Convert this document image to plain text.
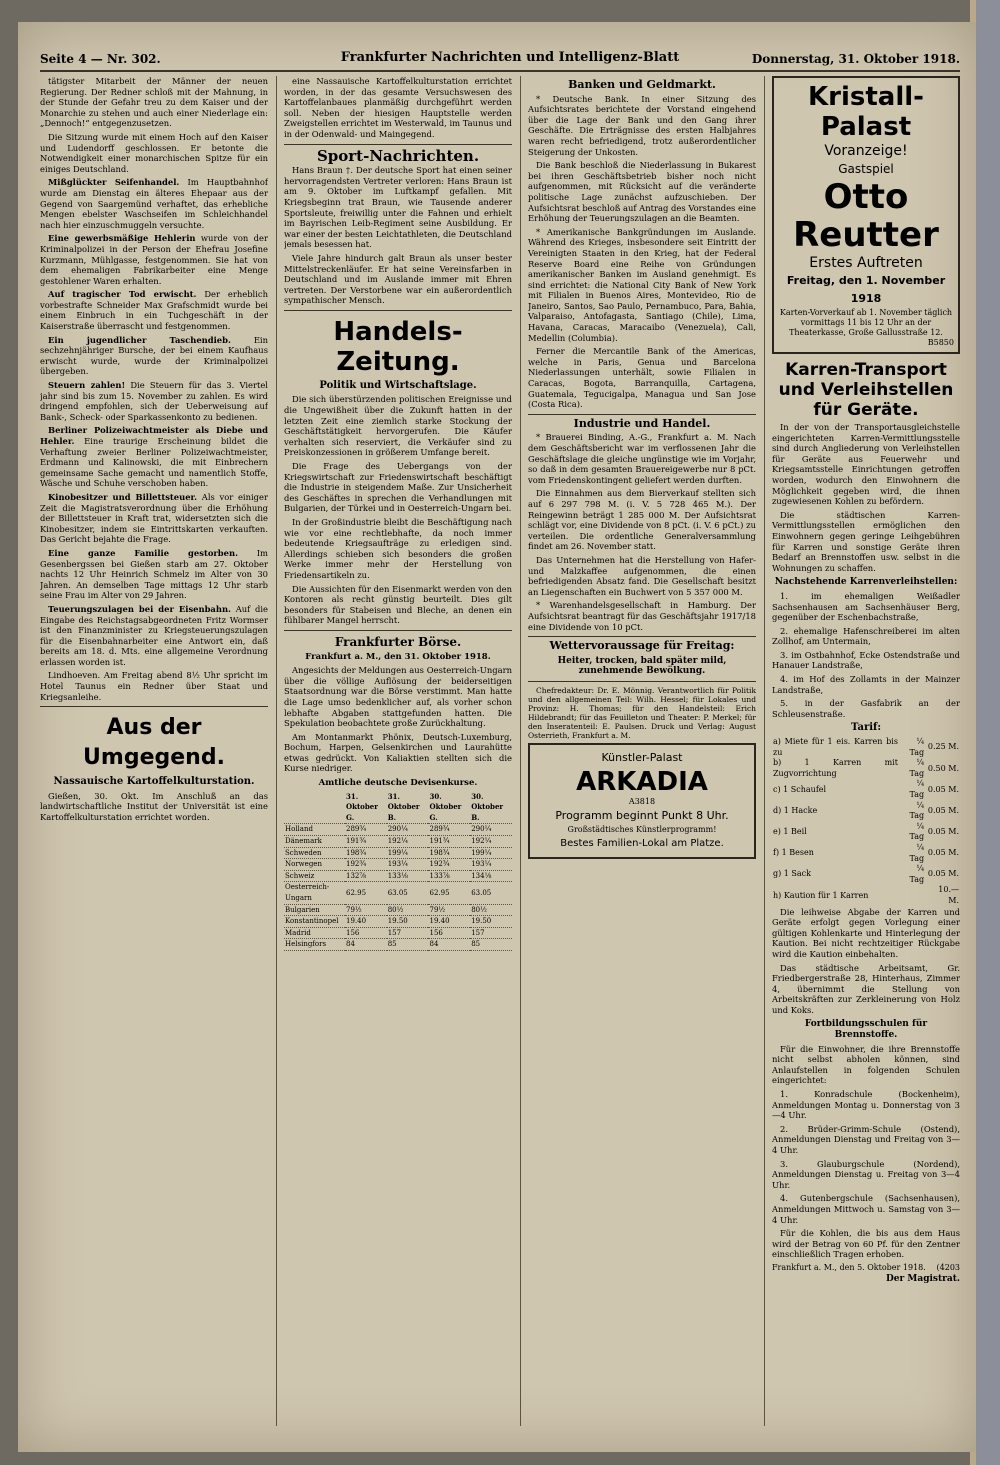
Seite 4 — Nr. 302.	Frankfurter Nachrichten und Intelligenz-Blatt	Donnerstag, 31. Oktober 1918.

tätigster Mitarbeit der Männer der neuen Regierung. Der Redner schloß mit der Mahnung, in der Stunde der Gefahr treu zu dem Kaiser und der Monarchie zu stehen und auch einer Niederlage ein: „Dennoch!“ entgegenzusetzen.

Die Sitzung wurde mit einem Hoch auf den Kaiser und Ludendorff geschlossen. Er betonte die Notwendigkeit einer monarchischen Spitze für ein einiges Deutschland.

Mißglückter Seifenhandel. Im Hauptbahnhof wurde am Dienstag ein älteres Ehepaar aus der Gegend von Saargemünd verhaftet, das erhebliche Mengen ebelster Waschseifen im Schleichhandel nach hier einzuschmuggeln versuchte.

Eine gewerbsmäßige Hehlerin wurde von der Kriminalpolizei in der Person der Ehefrau Josefine Kurzmann, Mühlgasse, festgenommen. Sie hat von dem ehemaligen Fabrikarbeiter eine Menge gestohlener Waren erhalten.

Auf tragischer Tod erwischt. Der erheblich vorbestrafte Schneider Max Grafschmidt wurde bei einem Einbruch in ein Tuchgeschäft in der Kaiserstraße überrascht und festgenommen.

Ein jugendlicher Taschendieb.	Ein sechzehnjähriger Bursche, der bei einem Kaufhaus erwischt wurde, wurde der Kriminalpolizei übergeben.

Steuern zahlen! Die Steuern für das 3. Viertel jahr sind bis zum 15. November zu zahlen. Es wird dringend empfohlen, sich der Ueberweisung auf Bank-, Scheck- oder Sparkassenkonto zu bedienen.

Berliner Polizeiwachtmeister als Diebe und Hehler. Eine traurige Erscheinung bildet die Verhaftung zweier Berliner Polizeiwachtmeister, Erdmann und Kalinowski, die mit Einbrechern gemeinsame Sache gemacht und namentlich Stoffe, Wäsche und Schuhe verschoben haben.

Kinobesitzer und Billettsteuer. Als vor einiger Zeit die Magistratsverordnung über die Erhöhung der Billettsteuer in Kraft trat, widersetzten sich die Kinobesitzer, indem sie Eintrittskarten verkauften. Das Gericht bejahte die Frage.

Eine ganze Familie gestorben. Im Gesenbergssen bei Gießen starb am 27. Oktober nachts 12 Uhr Heinrich Schmelz im Alter von 30 Jahren. An demselben Tage mittags 12 Uhr starb seine Frau im Alter von 29 Jahren.

Teuerungszulagen bei der Eisenbahn. Auf die Eingabe des Reichstagsabgeordneten Fritz Wormser ist den Finanzminister zu Kriegsteuerungszulagen für die Eisenbahnarbeiter eine Antwort ein, daß bereits am 18. d. Mts. eine allgemeine Verordnung erlassen worden ist.

Lindhoeven. Am Freitag abend 8½ Uhr spricht im Hotel Taunus ein Redner über Staat und Kriegsanleihe.

Aus der Umgegend.
Nassauische Kartoffelkulturstation.

Gießen, 30. Okt. Im Anschluß an das landwirtschaftliche Institut der Universität ist eine Kartoffelkulturstation errichtet worden.

eine Nassauische Kartoffelkulturstation errichtet worden, in der das gesamte Versuchswesen des Kartoffelanbaues planmäßig durchgeführt werden soll. Neben der hiesigen Hauptstelle werden Zweigstellen errichtet im Westerwald, im Taunus und in der Odenwald- und Maingegend.

Sport-Nachrichten.

Hans Braun †. Der deutsche Sport hat einen seiner hervorragendsten Vertreter verloren: Hans Braun ist am 9. Oktober im Luftkampf gefallen. Mit Kriegsbeginn trat Braun, wie Tausende anderer Sportsleute, freiwillig unter die Fahnen und erhielt im Bayrischen Leib-Regiment seine Ausbildung. Er war einer der besten Leichtathleten, die Deutschland jemals besessen hat.

Viele Jahre hindurch galt Braun als unser bester Mittelstreckenläufer. Er hat seine Vereinsfarben in Deutschland und im Auslande immer mit Ehren vertreten. Der Verstorbene war ein außerordentlich sympathischer Mensch.

Handels-Zeitung.
Politik und Wirtschaftslage.

Die sich überstürzenden politischen Ereignisse und die Ungewißheit über die Zukunft hatten in der letzten Zeit eine ziemlich starke Stockung der Geschäftstätigkeit hervorgerufen. Die Käufer verhalten sich reserviert, die Verkäufer sind zu Preiskonzessionen in größerem Umfange bereit.

Die Frage des Uebergangs von der Kriegswirtschaft zur Friedenswirtschaft beschäftigt die Industrie in steigendem Maße. Zur Unsicherheit des Geschäftes in sprechen die Verhandlungen mit Bulgarien, der Türkei und in Oesterreich-Ungarn bei.

In der Großindustrie bleibt die Beschäftigung nach wie vor eine rechtlebhafte, da noch immer bedeutende Kriegsaufträge zu erledigen sind. Allerdings schieben sich besonders die großen Werke immer mehr der Herstellung von Friedensartikeln zu.

Die Aussichten für den Eisenmarkt werden von den Kontoren als recht günstig beurteilt. Dies gilt besonders für Stabeisen und Bleche, an denen ein fühlbarer Mangel herrscht.

Frankfurter Börse.
Frankfurt a. M., den 31. Oktober 1918.

Angesichts der Meldungen aus Oesterreich-Ungarn über die völlige Auflösung der beiderseitigen Staatsordnung war die Börse verstimmt. Man hatte die Lage umso bedenklicher auf, als vorher schon lebhafte Abgaben stattgefunden hatten. Die Spekulation beobachtete große Zurückhaltung.

Am Montanmarkt Phönix, Deutsch-Luxemburg, Bochum, Harpen, Gelsenkirchen und Laurahütte etwas gedrückt. Von Kaliaktien stellten sich die Kurse niedriger.

Amtliche deutsche Devisenkurse.
	31. Oktober G.	31. Oktober B.	30. Oktober G.	30. Oktober B.
Holland	289¾	290¼	289¾	290¼
Dänemark	191¾	192¼	191¾	192¼
Schweden	198¾	199¼	198¾	199¼
Norwegen	192¾	193¼	192¾	193¼
Schweiz	132⅞	133⅛	133⅞	134⅛
Oesterreich-Ungarn	62.95	63.05	62.95	63.05
Bulgarien	79½	80½	79½	80½
Konstantinopel	19.40	19.50	19.40	19.50
Madrid	156	157	156	157
Helsingfors	84	85	84	85
Banken und Geldmarkt.

* Deutsche Bank. In einer Sitzung des Aufsichtsrates berichtete der Vorstand eingehend über die Lage der Bank und den Gang ihrer Geschäfte. Die Erträgnisse des ersten Halbjahres waren recht befriedigend, trotz außerordentlicher Steigerung der Unkosten.

Die Bank beschloß die Niederlassung in Bukarest bei ihren Geschäftsbetrieb bisher noch nicht aufgenommen, mit Rücksicht auf die veränderte politische Lage zunächst aufzuschieben. Der Aufsichtsrat beschloß auf Antrag des Vorstandes eine Erhöhung der Teuerungszulagen an die Beamten.

* Amerikanische Bankgründungen im Auslande. Während des Krieges, insbesondere seit Eintritt der Vereinigten Staaten in den Krieg, hat der Federal Reserve Board eine Reihe von Gründungen amerikanischer Banken im Ausland genehmigt. Es sind errichtet: die National City Bank of New York mit Filialen in Buenos Aires, Montevideo, Rio de Janeiro, Santos, Sao Paulo, Pernambuco, Para, Bahia, Valparaiso, Antofagasta, Santiago (Chile), Lima, Havana, Caracas, Maracaibo (Venezuela), Cali, Medellin (Columbia).

Ferner die Mercantile Bank of the Americas, welche in Paris, Genua und Barcelona Niederlassungen unterhält, sowie Filialen in Caracas, Bogota, Barranquilla, Cartagena, Guatemala, Tegucigalpa, Managua und San Jose (Costa Rica).

Industrie und Handel.

* Brauerei Binding, A.-G., Frankfurt a. M. Nach dem Geschäftsbericht war im verflossenen Jahr die Geschäftslage die gleiche ungünstige wie im Vorjahr, so daß in dem gesamten Brauereigewerbe nur 8 pCt. vom Friedenskontingent geliefert werden durften.

Die Einnahmen aus dem Bierverkauf stellten sich auf 6 297 798 M. (i. V. 5 728 465 M.). Der Reingewinn beträgt 1 285 000 M. Der Aufsichtsrat schlägt vor, eine Dividende von 8 pCt. (i. V. 6 pCt.) zu verteilen. Die ordentliche Generalversammlung findet am 26. November statt.

Das Unternehmen hat die Herstellung von Hafer- und Malzkaffee aufgenommen, die einen befriedigenden Absatz fand. Die Gesellschaft besitzt an Liegenschaften ein Buchwert von 5 357 000 M.

* Warenhandelsgesellschaft in Hamburg. Der Aufsichtsrat beantragt für das Geschäftsjahr 1917/18 eine Dividende von 10 pCt.

Wettervoraussage für Freitag:
Heiter, trocken, bald später mild, zunehmende Bewölkung.

Chefredakteur: Dr. E. Mönnig. Verantwortlich für Politik und den allgemeinen Teil: Wilh. Hessel; für Lokales und Provinz: H. Thomas; für den Handelsteil: Erich Hildebrandt; für das Feuilleton und Theater: P. Merkel; für den Inseratenteil: E. Paulsen. Druck und Verlag: August Osterrieth, Frankfurt a. M.

Künstler-Palast
ARKADIA
A3818
Programm beginnt Punkt 8 Uhr.
Großstädtisches Künstlerprogramm!
Bestes Familien-Lokal am Platze.
Kristall-Palast
Voranzeige!
Gastspiel
Otto Reutter
Erstes Auftreten
Freitag, den 1. November 1918
Karten-Vorverkauf ab 1. November täglich vormittags 11 bis 12 Uhr an der Theaterkasse, Große Gallusstraße 12.
B5850
Karren-Transport und Verleihstellen für Geräte.

In der von der Transportausgleichstelle eingerichteten Karren-Vermittlungsstelle sind durch Angliederung von Verleihstellen für Geräte aus Feuerwehr und Kriegsamtsstelle Einrichtungen getroffen worden, wodurch den Einwohnern die Möglichkeit gegeben wird, die ihnen zugewiesenen Kohlen zu befördern.

Die städtischen Karren-Vermittlungsstellen ermöglichen den Einwohnern gegen geringe Leihgebühren für Karren und sonstige Geräte ihren Bedarf an Brennstoffen usw. selbst in die Wohnungen zu schaffen.

Nachstehende Karrenverleihstellen:

1. im ehemaligen Weißadler Sachsenhausen am Sachsenhäuser Berg, gegenüber der Eschenbachstraße,

2. ehemalige Hafenschreiberei im alten Zollhof, am Untermain,

3. im Ostbahnhof, Ecke Ostendstraße und Hanauer Landstraße,

4. im Hof des Zollamts in der Mainzer Landstraße,

5. in der Gasfabrik an der Schleusenstraße.

Tarif:
a) Miete für 1 eis. Karren bis zu	¼ Tag	0.25 M.
b) 1 Karren mit Zugvorrichtung	¼ Tag	0.50 M.
c) 1 Schaufel	¼ Tag	0.05 M.
d) 1 Hacke	¼ Tag	0.05 M.
e) 1 Beil	¼ Tag	0.05 M.
f) 1 Besen	¼ Tag	0.05 M.
g) 1 Sack	¼ Tag	0.05 M.
h) Kaution für 1 Karren		10.— M.

Die leihweise Abgabe der Karren und Geräte erfolgt gegen Vorlegung einer gültigen Kohlenkarte und Hinterlegung der Kaution. Bei nicht rechtzeitiger Rückgabe wird die Kaution einbehalten.

Das städtische Arbeitsamt, Gr. Friedbergerstraße 28, Hinterhaus, Zimmer 4, übernimmt die Stellung von Arbeitskräften zur Zerkleinerung von Holz und Koks.

Fortbildungsschulen für Brennstoffe.

Für die Einwohner, die ihre Brennstoffe nicht selbst abholen können, sind Anlaufstellen in folgenden Schulen eingerichtet:

1. Konradschule (Bockenheim), Anmeldungen Montag u. Donnerstag von 3—4 Uhr.

2. Brüder-Grimm-Schule (Ostend), Anmeldungen Dienstag und Freitag von 3—4 Uhr.

3. Glauburgschule (Nordend), Anmeldungen Dienstag u. Freitag von 3—4 Uhr.

4. Gutenbergschule (Sachsenhausen), Anmeldungen Mittwoch u. Samstag von 3—4 Uhr.

Für die Kohlen, die bis aus dem Haus wird der Betrag von 60 Pf. für den Zentner einschließlich Tragen erhoben.

Frankfurt a. M., den 5. Oktober 1918. (4203
Der Magistrat.
